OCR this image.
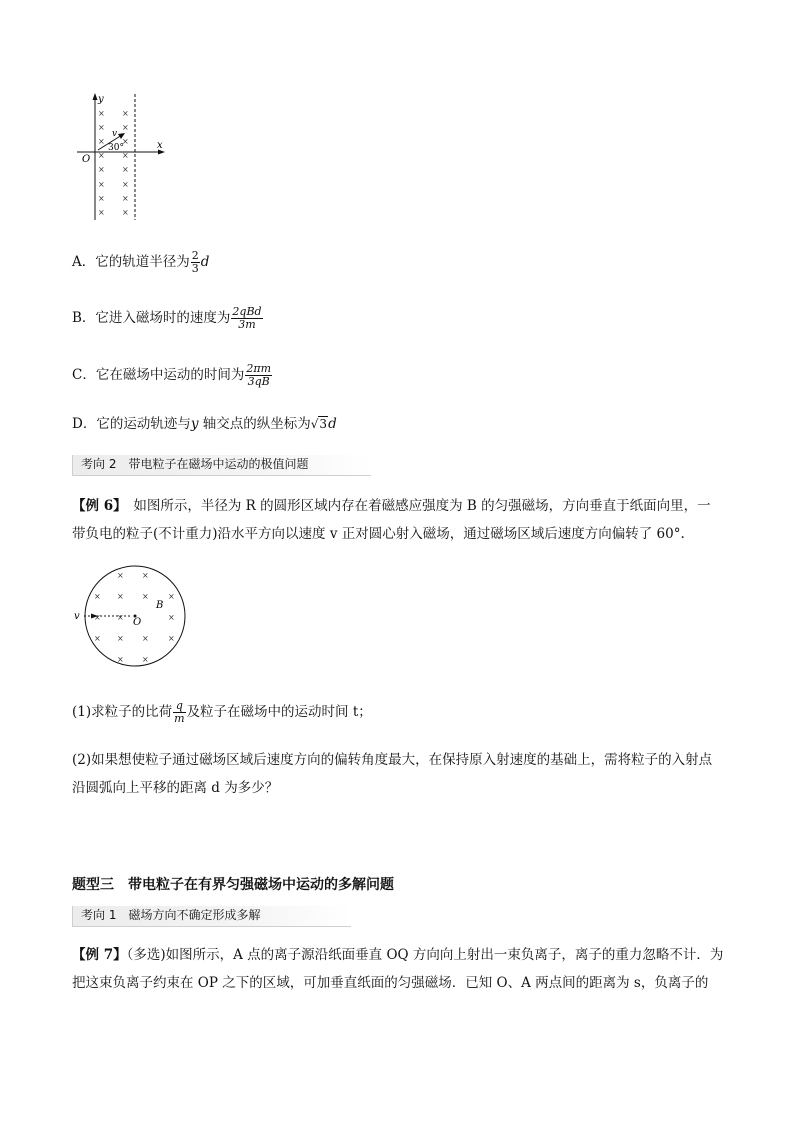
y
x
O
v
30°
× ×
× ×
× ×
× ×
× ×
× ×
× ×
× ×
A．它的轨道半径为 $\frac{2}{3}$ d
B．它进入磁场时的速度为 $\frac{\text{2qBd}}{3m}$
C．它在磁场中运动的时间为 $\frac{2\pi m}{3qB}$
D．它的运动轨迹与y 轴交点的纵坐标为√3d
考向 2　带电粒子在磁场中运动的极值问题
【例 6】　如图所示，半径为 R 的圆形区域内存在着磁感应强度为 B 的匀强磁场，方向垂直于纸面向里，一带负电的粒子(不计重力)沿水平方向以速度 v 正对圆心射入磁场，通过磁场区域后速度方向偏转了 60°.
v
O
B
× ×
× × × ×
× ×	×
× × × ×
× ×
(1)求粒子的比荷 $\frac{q}{m}$ 及粒子在磁场中的运动时间 t；
(2)如果想使粒子通过磁场区域后速度方向的偏转角度最大，在保持原入射速度的基础上，需将粒子的入射点沿圆弧向上平移的距离 d 为多少？
题型三　带电粒子在有界匀强磁场中运动的多解问题
考向 1　磁场方向不确定形成多解
【例 7】（多选)如图所示，A 点的离子源沿纸面垂直 OQ 方向向上射出一束负离子，离子的重力忽略不计．为把这束负离子约束在 OP 之下的区域，可加垂直纸面的匀强磁场．已知 O、A 两点间的距离为 s，负离子的
